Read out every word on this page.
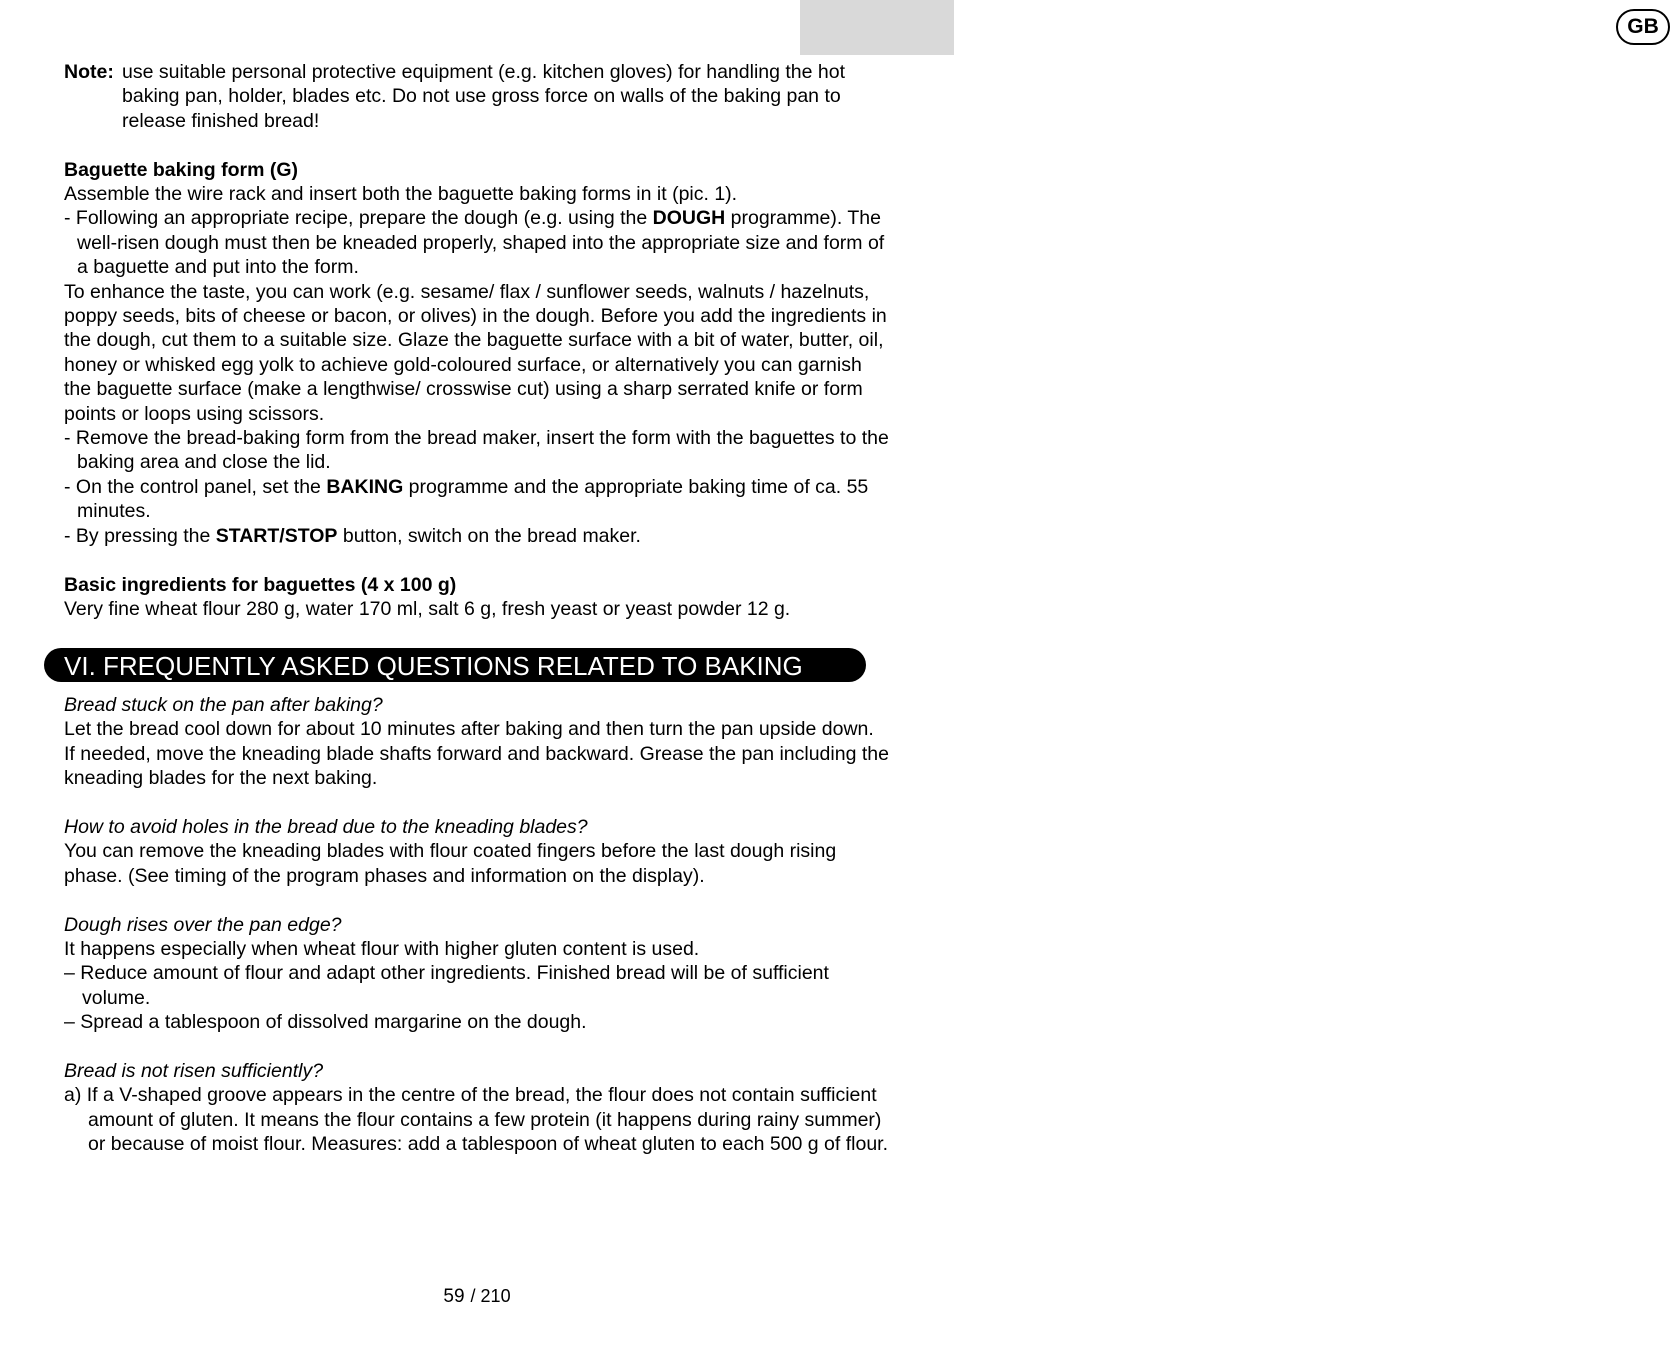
GB
Note: use suitable personal protective equipment (e.g. kitchen gloves) for handling the hot baking pan, holder, blades etc. Do not use gross force on walls of the baking pan to release finished bread!

Baguette baking form (G)

Assemble the wire rack and insert both the baguette baking forms in it (pic. 1).

- Following an appropriate recipe, prepare the dough (e.g. using the DOUGH programme). The well-risen dough must then be kneaded properly, shaped into the appropriate size and form of a baguette and put into the form.

To enhance the taste, you can work (e.g. sesame/ flax / sunflower seeds, walnuts / hazelnuts, poppy seeds, bits of cheese or bacon, or olives) in the dough. Before you add the ingredients in the dough, cut them to a suitable size. Glaze the baguette surface with a bit of water, butter, oil, honey or whisked egg yolk to achieve gold-coloured surface, or alternatively you can garnish the baguette surface (make a lengthwise/ crosswise cut) using a sharp serrated knife or form points or loops using scissors.

- Remove the bread-baking form from the bread maker, insert the form with the baguettes to the baking area and close the lid.

- On the control panel, set the BAKING programme and the appropriate baking time of ca. 55 minutes.

- By pressing the START/STOP button, switch on the bread maker.

Basic ingredients for baguettes (4 x 100 g)

Very fine wheat flour 280 g, water 170 ml, salt 6 g, fresh yeast or yeast powder 12 g.

VI. FREQUENTLY ASKED QUESTIONS RELATED TO BAKING

Bread stuck on the pan after baking?

Let the bread cool down for about 10 minutes after baking and then turn the pan upside down. If needed, move the kneading blade shafts forward and backward. Grease the pan including the kneading blades for the next baking.

How to avoid holes in the bread due to the kneading blades?

You can remove the kneading blades with flour coated fingers before the last dough rising phase. (See timing of the program phases and information on the display).

Dough rises over the pan edge?

It happens especially when wheat flour with higher gluten content is used.

– Reduce amount of flour and adapt other ingredients. Finished bread will be of sufficient volume.

– Spread a tablespoon of dissolved margarine on the dough.

Bread is not risen sufficiently?

a) If a V-shaped groove appears in the centre of the bread, the flour does not contain sufficient amount of gluten. It means the flour contains a few protein (it happens during rainy summer) or because of moist flour. Measures: add a tablespoon of wheat gluten to each 500 g of flour.

59 / 210
